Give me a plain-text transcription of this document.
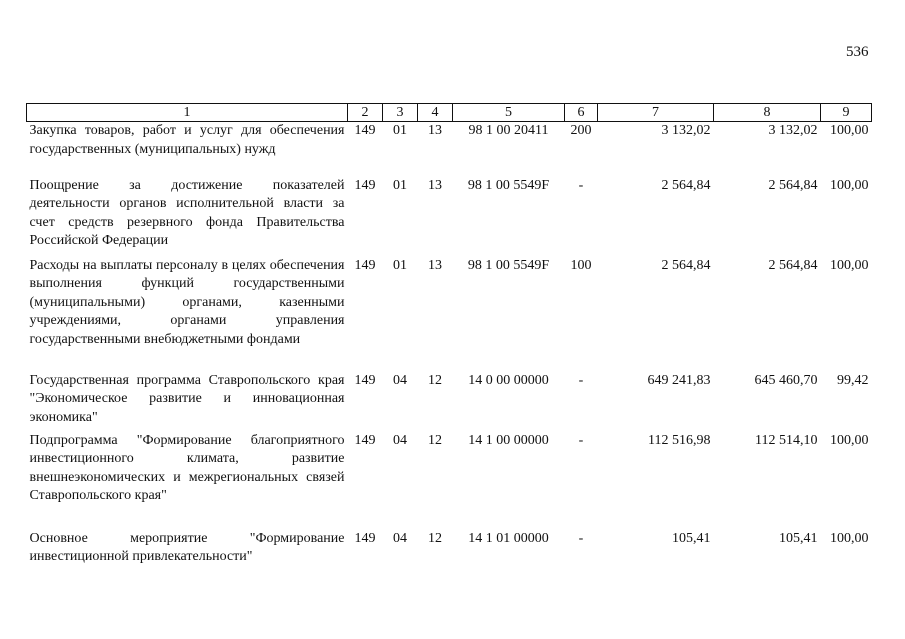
536
1	2	3	4	5	6	7	8	9
Закупка товаров, работ и услуг для обеспечения государственных (муниципальных) нужд	149	01	13	98 1 00 20411	200	3 132,02	3 132,02	100,00
Поощрение за достижение показателей деятельности органов исполнительной власти за счет средств резервного фонда Правительства Российской Федерации	149	01	13	98 1 00 5549F	-	2 564,84	2 564,84	100,00
Расходы на выплаты персоналу в целях обеспечения выполнения функций государственными (муниципальными) органами, казенными учреждениями, органами управления государственными внебюджетными фондами	149	01	13	98 1 00 5549F	100	2 564,84	2 564,84	100,00
Государственная программа Ставропольского края "Экономическое развитие и инновационная экономика"	149	04	12	14 0 00 00000	-	649 241,83	645 460,70	99,42
Подпрограмма "Формирование благоприятного инвестиционного климата, развитие внешнеэкономических и межрегиональных связей Ставропольского края"	149	04	12	14 1 00 00000	-	112 516,98	112 514,10	100,00
Основное мероприятие "Формирование инвестиционной привлекательности"	149	04	12	14 1 01 00000	-	105,41	105,41	100,00
